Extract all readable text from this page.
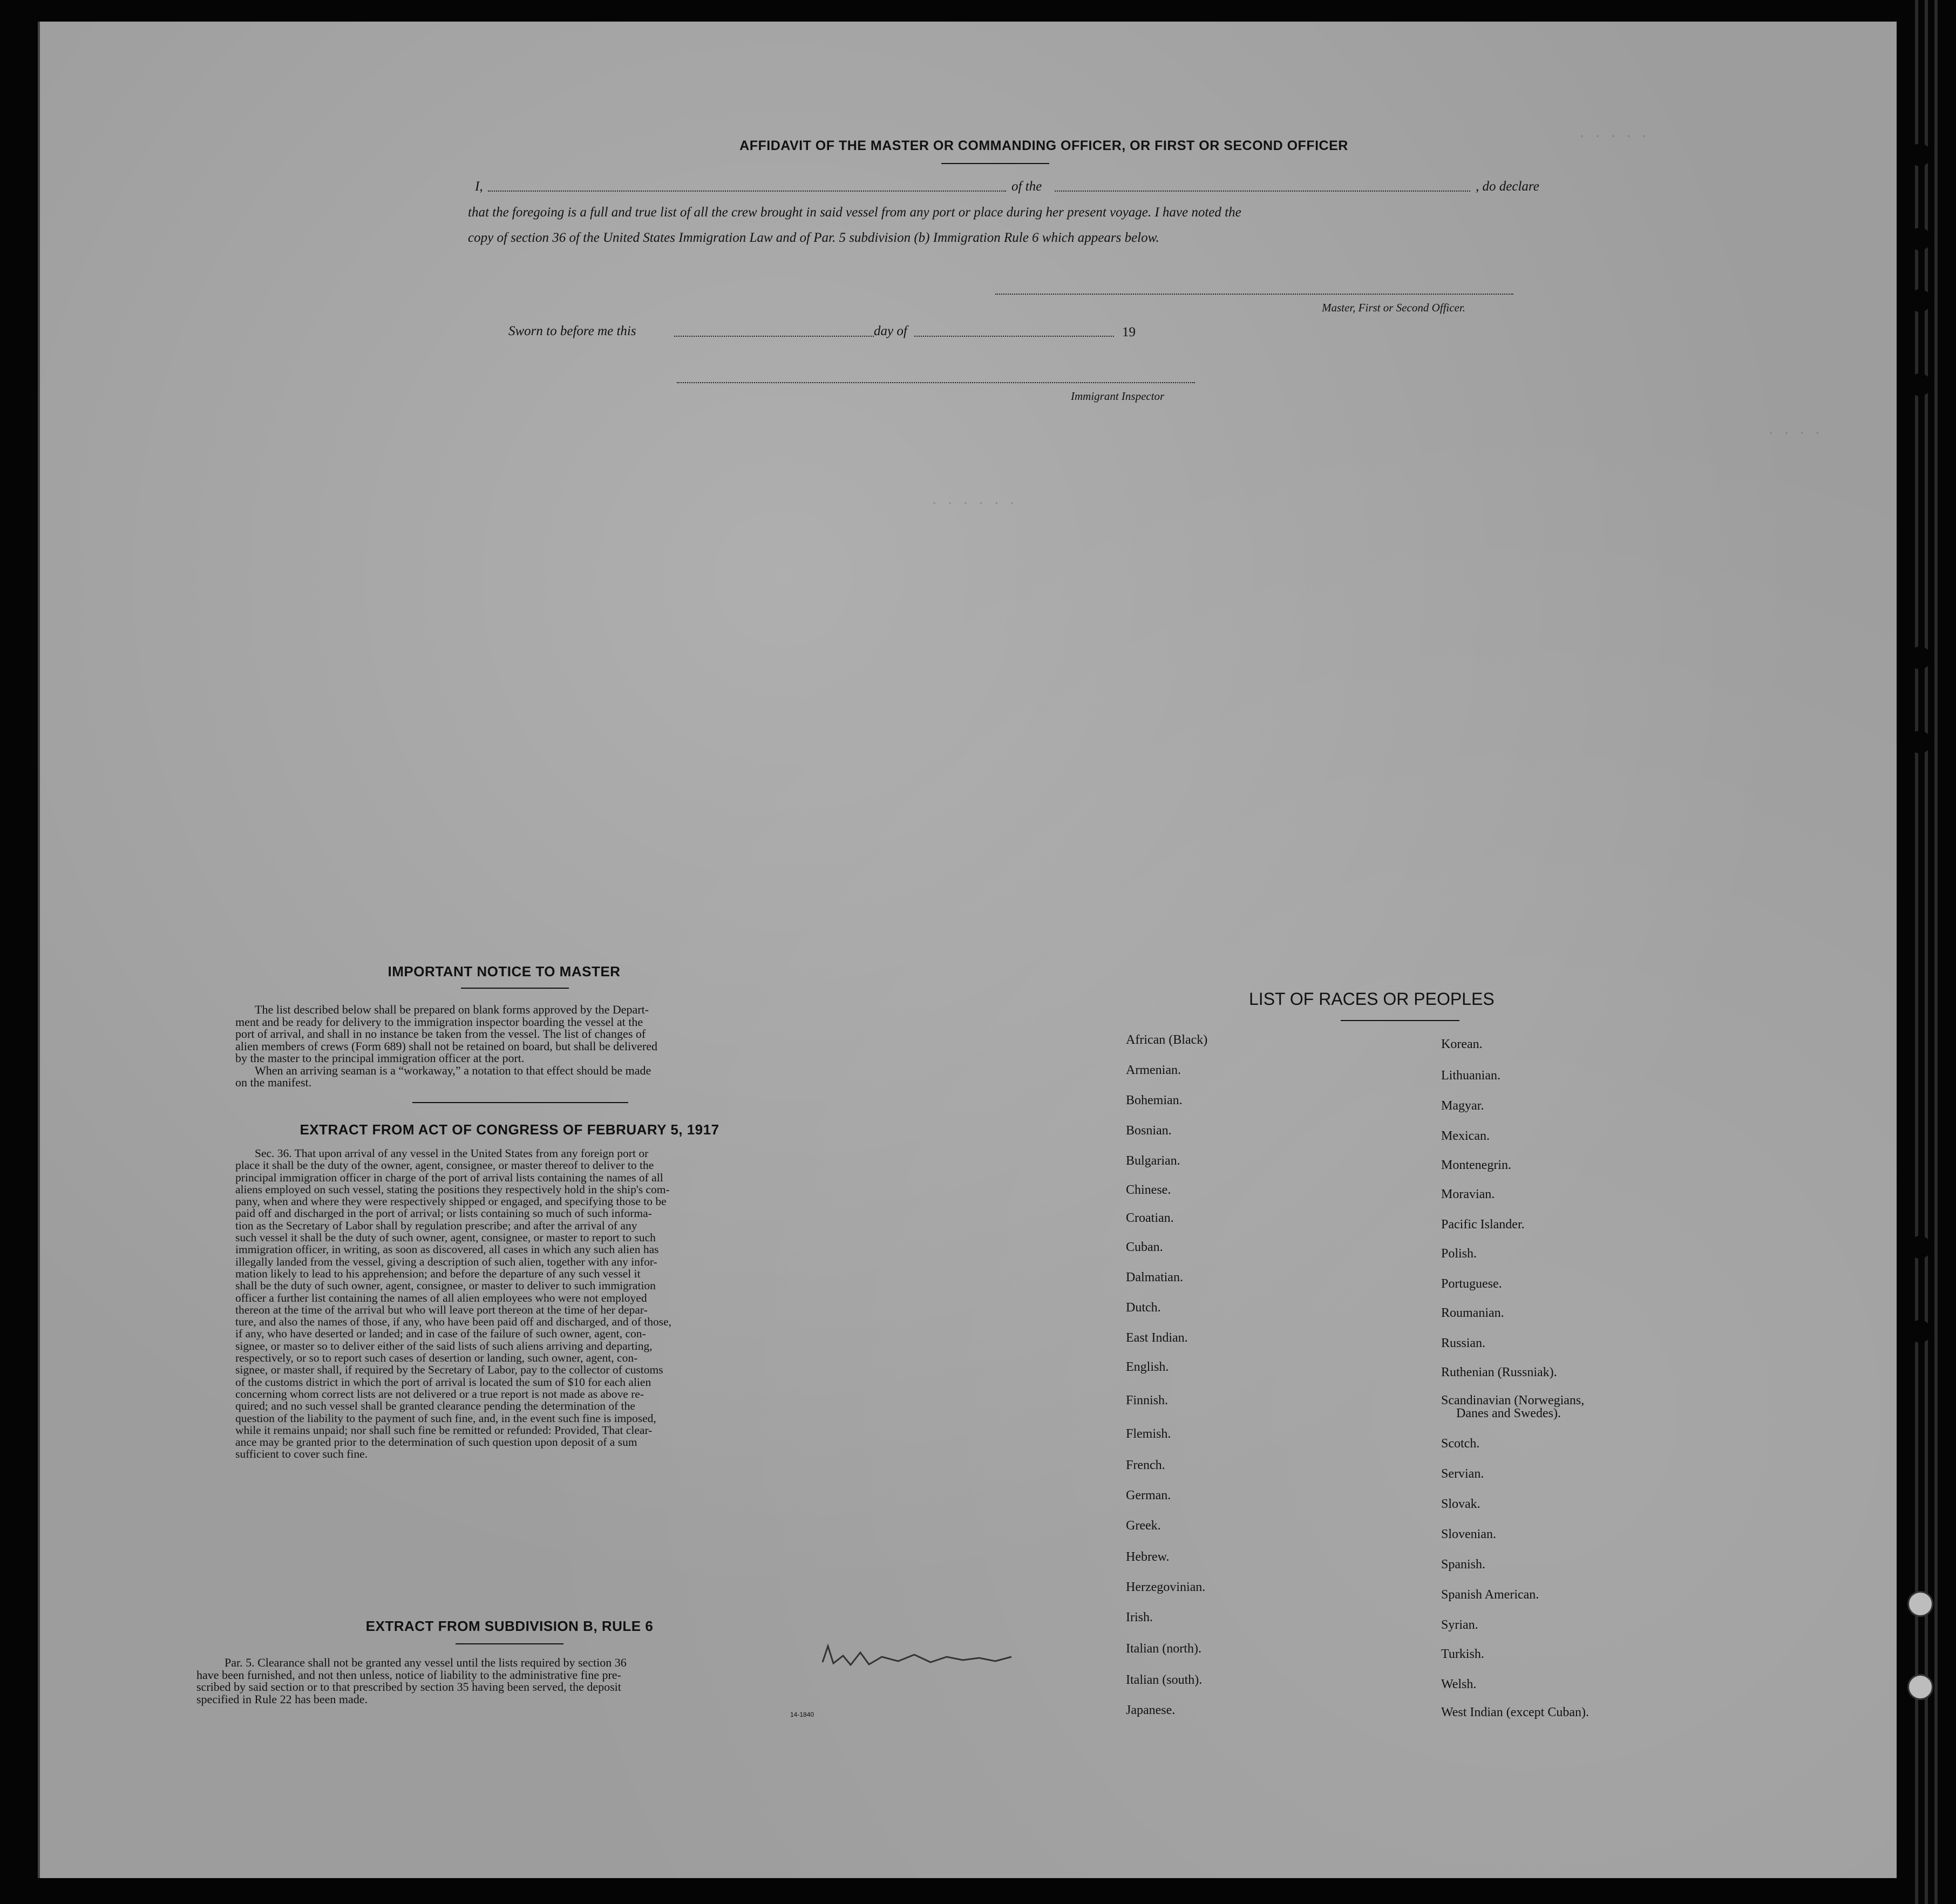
· · · · ·
· · · ·
· · · · · ·
AFFIDAVIT OF THE MASTER OR COMMANDING OFFICER, OR FIRST OR SECOND OFFICER
I,	of the	, do declare
that the foregoing is a full and true list of all the crew brought in said vessel from any port or place during her present voyage. I have noted the
copy of section 36 of the United States Immigration Law and of Par. 5 subdivision (b) Immigration Rule 6 which appears below.
Master, First or Second Officer.
Sworn to before me this	day of	19
Immigrant Inspector
IMPORTANT NOTICE TO MASTER
The list described below shall be prepared on blank forms approved by the Depart-
ment and be ready for delivery to the immigration inspector boarding the vessel at the
port of arrival, and shall in no instance be taken from the vessel. The list of changes of
alien members of crews (Form 689) shall not be retained on board, but shall be delivered
by the master to the principal immigration officer at the port.
When an arriving seaman is a “workaway,” a notation to that effect should be made
on the manifest.
EXTRACT FROM ACT OF CONGRESS OF FEBRUARY 5, 1917
Sec. 36. That upon arrival of any vessel in the United States from any foreign port or
place it shall be the duty of the owner, agent, consignee, or master thereof to deliver to the
principal immigration officer in charge of the port of arrival lists containing the names of all
aliens employed on such vessel, stating the positions they respectively hold in the ship's com-
pany, when and where they were respectively shipped or engaged, and specifying those to be
paid off and discharged in the port of arrival; or lists containing so much of such informa-
tion as the Secretary of Labor shall by regulation prescribe; and after the arrival of any
such vessel it shall be the duty of such owner, agent, consignee, or master to report to such
immigration officer, in writing, as soon as discovered, all cases in which any such alien has
illegally landed from the vessel, giving a description of such alien, together with any infor-
mation likely to lead to his apprehension; and before the departure of any such vessel it
shall be the duty of such owner, agent, consignee, or master to deliver to such immigration
officer a further list containing the names of all alien employees who were not employed
thereon at the time of the arrival but who will leave port thereon at the time of her depar-
ture, and also the names of those, if any, who have been paid off and discharged, and of those,
if any, who have deserted or landed; and in case of the failure of such owner, agent, con-
signee, or master so to deliver either of the said lists of such aliens arriving and departing,
respectively, or so to report such cases of desertion or landing, such owner, agent, con-
signee, or master shall, if required by the Secretary of Labor, pay to the collector of customs
of the customs district in which the port of arrival is located the sum of $10 for each alien
concerning whom correct lists are not delivered or a true report is not made as above re-
quired; and no such vessel shall be granted clearance pending the determination of the
question of the liability to the payment of such fine, and, in the event such fine is imposed,
while it remains unpaid; nor shall such fine be remitted or refunded: Provided, That clear-
ance may be granted prior to the determination of such question upon deposit of a sum
sufficient to cover such fine.
EXTRACT FROM SUBDIVISION B, RULE 6
Par. 5. Clearance shall not be granted any vessel until the lists required by section 36
have been furnished, and not then unless, notice of liability to the administrative fine pre-
scribed by said section or to that prescribed by section 35 having been served, the deposit
specified in Rule 22 has been made.
14-1840
LIST OF RACES OR PEOPLES
African (Black)
Armenian.
Bohemian.
Bosnian.
Bulgarian.
Chinese.
Croatian.
Cuban.
Dalmatian.
Dutch.
East Indian.
English.
Finnish.
Flemish.
French.
German.
Greek.
Hebrew.
Herzegovinian.
Irish.
Italian (north).
Italian (south).
Japanese.
Korean.
Lithuanian.
Magyar.
Mexican.
Montenegrin.
Moravian.
Pacific Islander.
Polish.
Portuguese.
Roumanian.
Russian.
Ruthenian (Russniak).
Scandinavian (Norwegians,
Danes and Swedes).
Scotch.
Servian.
Slovak.
Slovenian.
Spanish.
Spanish American.
Syrian.
Turkish.
Welsh.
West Indian (except Cuban).
